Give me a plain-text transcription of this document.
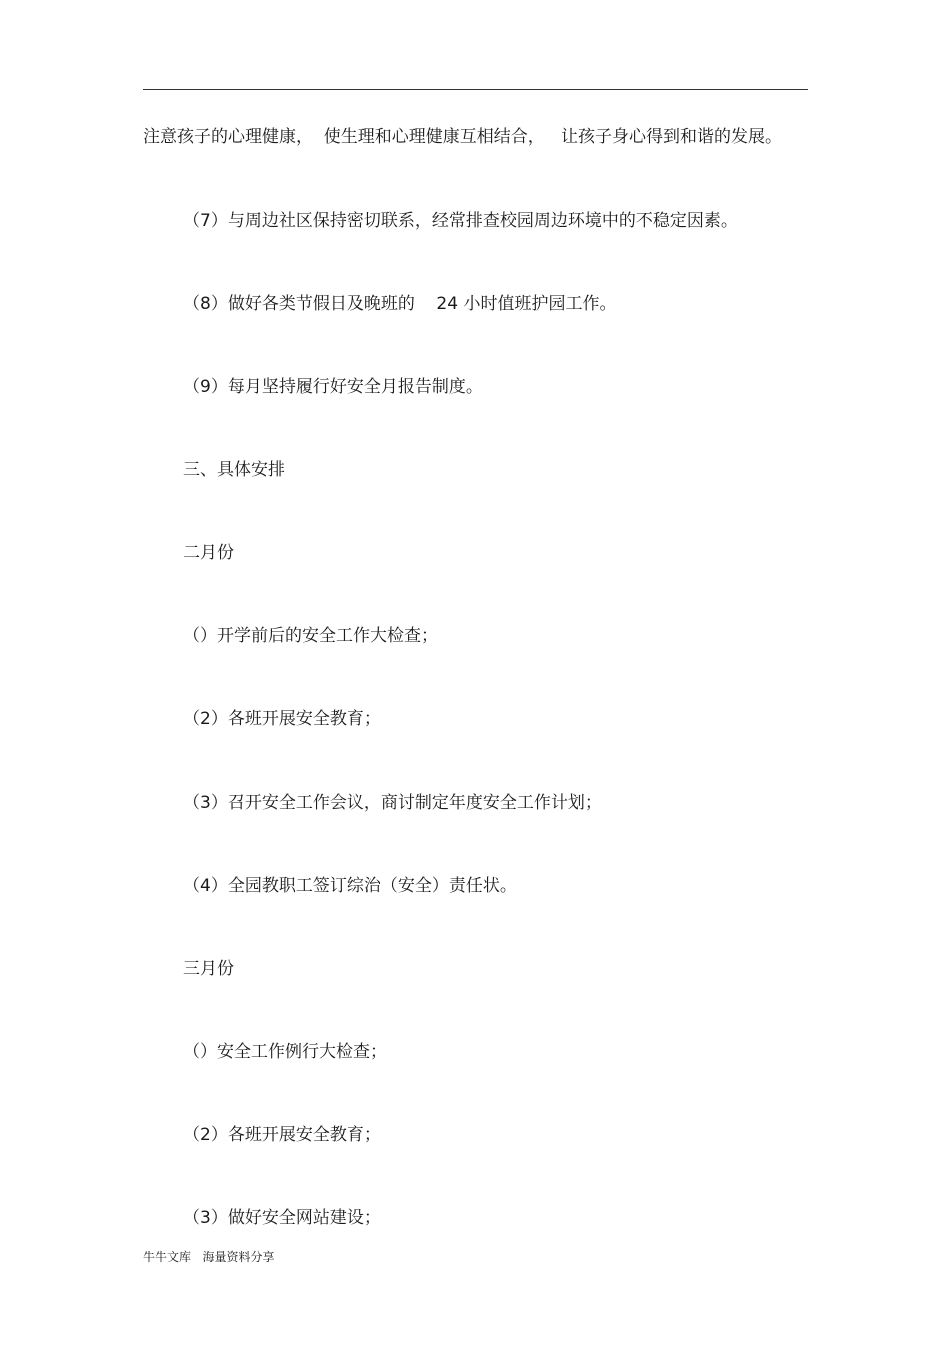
注意孩子的心理健康，  使生理和心理健康互相结合，   让孩子身心得到和谐的发展。
（7）与周边社区保持密切联系，经常排查校园周边环境中的不稳定因素。
（8）做好各类节假日及晚班的    24 小时值班护园工作。
（9）每月坚持履行好安全月报告制度。
三、具体安排
二月份
（）开学前后的安全工作大检查；
（2）各班开展安全教育；
（3）召开安全工作会议，商讨制定年度安全工作计划；
（4）全园教职工签订综治（安全）责任状。
三月份
（）安全工作例行大检查；
（2）各班开展安全教育；
（3）做好安全网站建设；
牛牛文库   海量资料分享
